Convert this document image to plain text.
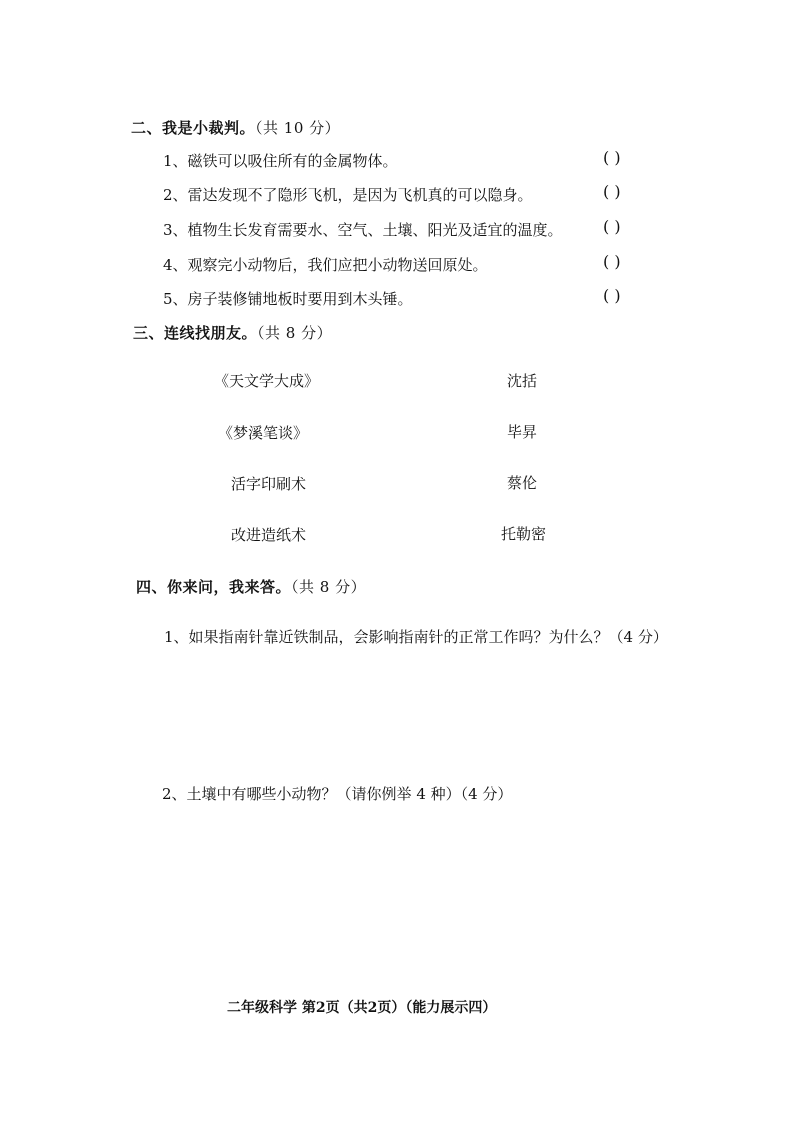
二、我是小裁判。（共 10 分）
1、磁铁可以吸住所有的金属物体。	( )
2、雷达发现不了隐形飞机，是因为飞机真的可以隐身。	( )
3、植物生长发育需要水、空气、土壤、阳光及适宜的温度。	( )
4、观察完小动物后，我们应把小动物送回原处。	( )
5、房子装修铺地板时要用到木头锤。	( )
三、连线找朋友。（共 8 分）
《天文学大成》	沈括
《梦溪笔谈》	毕昇
活字印刷术	蔡伦
改进造纸术	托勒密
四、你来问，我来答。（共 8 分）
1、如果指南针靠近铁制品，会影响指南针的正常工作吗？为什么？（4 分）
2、土壤中有哪些小动物？（请你例举 4 种）（4 分）
二年级科学 第2页（共2页）（能力展示四）
